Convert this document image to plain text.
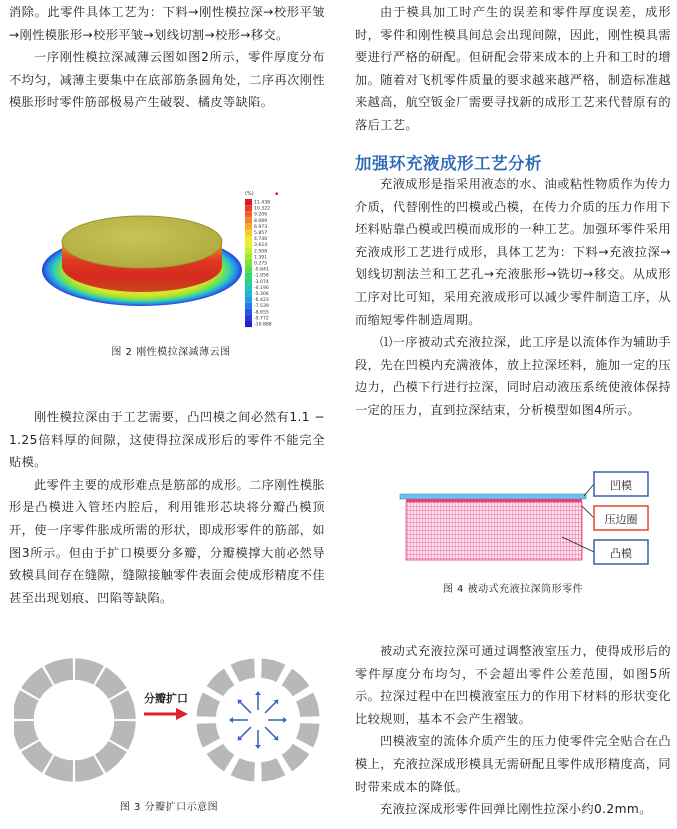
消除。此零件具体工艺为：下料→刚性模拉深→校形平皱→刚性模胀形→校形平皱→划线切割→校形→移交。

一序刚性模拉深减薄云图如图2所示，零件厚度分布不均匀，减薄主要集中在底部筋条圆角处，二序再次刚性模胀形时零件筋部极易产生破裂、橘皮等缺陷。

(%)	▪
11.438
10.322
9.206
8.089
6.973
5.857
4.740
3.624
2.508
1.391
0.275
-0.841
-1.958
-3.074
-4.190
-5.306
-6.423
-7.539
-8.655
-9.772
-10.888
图 2 刚性模拉深减薄云图

刚性模拉深由于工艺需要，凸凹模之间必然有1.1 − 1.25倍料厚的间隙，这使得拉深成形后的零件不能完全贴模。

此零件主要的成形难点是筋部的成形。二序刚性模胀形是凸模进入管坯内腔后，利用锥形芯块将分瓣凸模顶开，使一序零件胀成所需的形状，即成形零件的筋部，如图3所示。但由于扩口模要分多瓣，分瓣模撑大前必然导致模具间存在缝隙，缝隙接触零件表面会使成形精度不佳甚至出现划痕、凹陷等缺陷。

分瓣扩口
图 3 分瓣扩口示意图

由于模具加工时产生的误差和零件厚度误差，成形时，零件和刚性模具间总会出现间隙，因此，刚性模具需要进行严格的研配。但研配会带来成本的上升和工时的增加。随着对飞机零件质量的要求越来越严格，制造标准越来越高，航空钣金厂需要寻找新的成形工艺来代替原有的落后工艺。

加强环充液成形工艺分析

充液成形是指采用液态的水、油或粘性物质作为传力介质，代替刚性的凹模或凸模，在传力介质的压力作用下坯料贴靠凸模或凹模而成形的一种工艺。加强环零件采用充液成形工艺进行成形，具体工艺为：下料→充液拉深→划线切割法兰和工艺孔→充液胀形→铣切→移交。从成形工序对比可知，采用充液成形可以减少零件制造工序，从而缩短零件制造周期。

⑴一序被动式充液拉深，此工序是以流体作为辅助手段，先在凹模内充满液体，放上拉深坯料，施加一定的压边力，凸模下行进行拉深，同时启动液压系统使液体保持一定的压力，直到拉深结束，分析模型如图4所示。

凹模
压边圈
凸模
图 4 被动式充液拉深筒形零件

被动式充液拉深可通过调整液室压力，使得成形后的零件厚度分布均匀，不会超出零件公差范围，如图5所示。拉深过程中在凹模液室压力的作用下材料的形状变化比较规则，基本不会产生褶皱。

凹模液室的流体介质产生的压力使零件完全贴合在凸模上，充液拉深成形模具无需研配且零件成形精度高，同时带来成本的降低。

充液拉深成形零件回弹比刚性拉深小约0.2mm。
